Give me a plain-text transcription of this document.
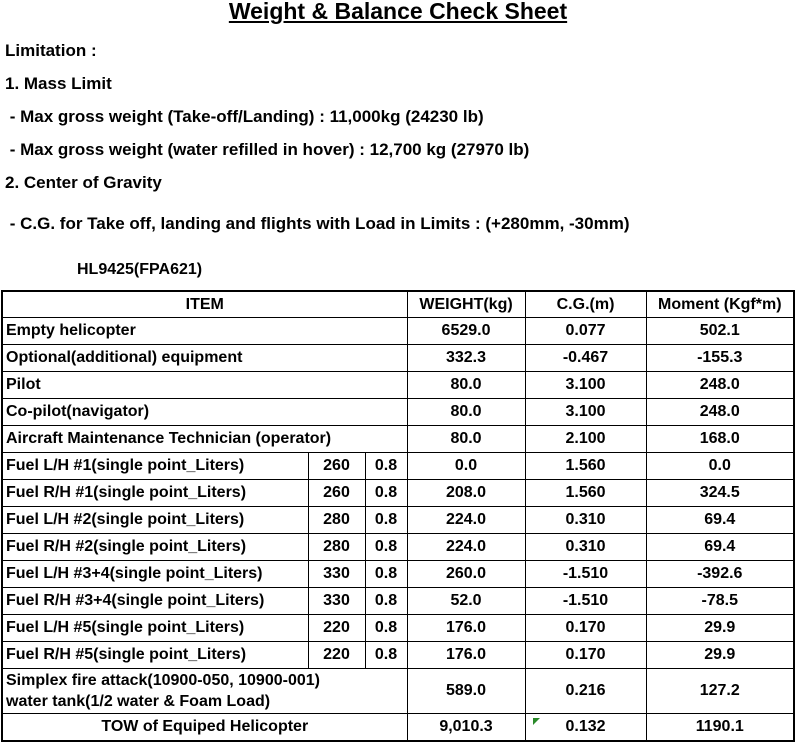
Weight & Balance Check Sheet
Limitation :
1. Mass Limit
- Max gross weight (Take-off/Landing) : 11,000kg (24230 lb)
- Max gross weight (water refilled in hover) : 12,700 kg (27970 lb)
2. Center of Gravity
- C.G. for Take off, landing and flights with Load in Limits : (+280mm, -30mm)
HL9425(FPA621)
ITEM			WEIGHT(kg)	C.G.(m)	Moment (Kgf*m)
Empty helicopter			6529.0	0.077	502.1
Optional(additional) equipment			332.3	-0.467	-155.3
Pilot			80.0	3.100	248.0
Co-pilot(navigator)			80.0	3.100	248.0
Aircraft Maintenance Technician (operator)			80.0	2.100	168.0
Fuel L/H #1(single point_Liters)	260	0.8	0.0	1.560	0.0
Fuel R/H #1(single point_Liters)	260	0.8	208.0	1.560	324.5
Fuel L/H #2(single point_Liters)	280	0.8	224.0	0.310	69.4
Fuel R/H #2(single point_Liters)	280	0.8	224.0	0.310	69.4
Fuel L/H #3+4(single point_Liters)	330	0.8	260.0	-1.510	-392.6
Fuel R/H #3+4(single point_Liters)	330	0.8	52.0	-1.510	-78.5
Fuel L/H #5(single point_Liters)	220	0.8	176.0	0.170	29.9
Fuel R/H #5(single point_Liters)	220	0.8	176.0	0.170	29.9

Simplex fire attack(10900-050, 10900-001)
water tank(1/2 water & Foam Load)			589.0	0.216	127.2
TOW of Equiped Helicopter			9,010.3	0.132	1190.1
